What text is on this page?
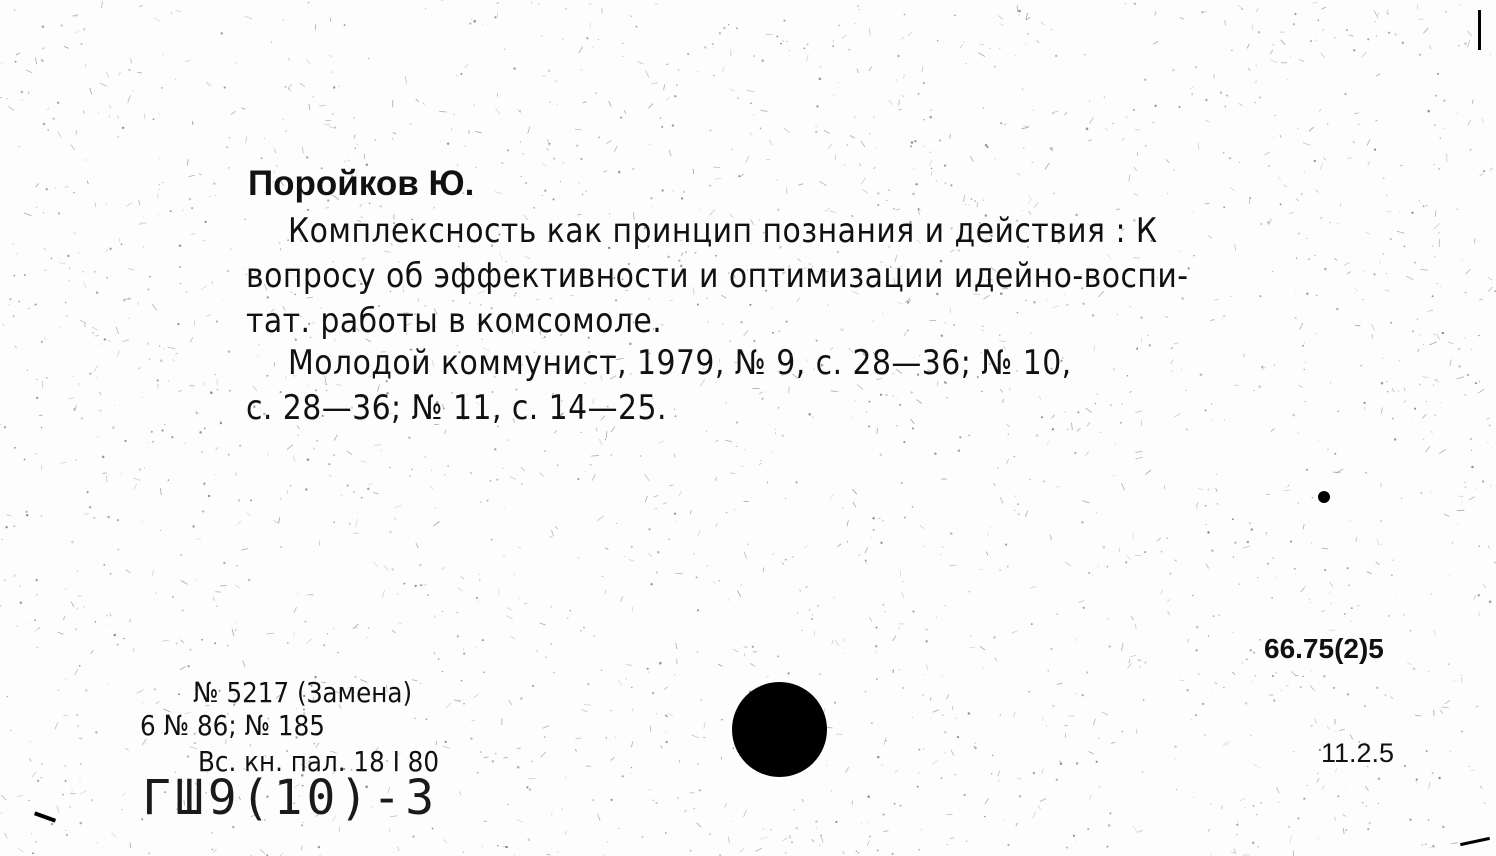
Поройков Ю.
Комплексность как принцип познания и действия : К
вопросу об эффективности и оптимизации идейно-воспи-
тат. работы в комсомоле.
Молодой коммунист, 1979, № 9, с. 28—36; № 10,
с. 28—36; № 11, с. 14—25.
66.75(2)5
№ 5217 (Замена)
6 № 86; № 185
Вс. кн. пал. 18 I 80	11.2.5
ГШ9(10)-3
